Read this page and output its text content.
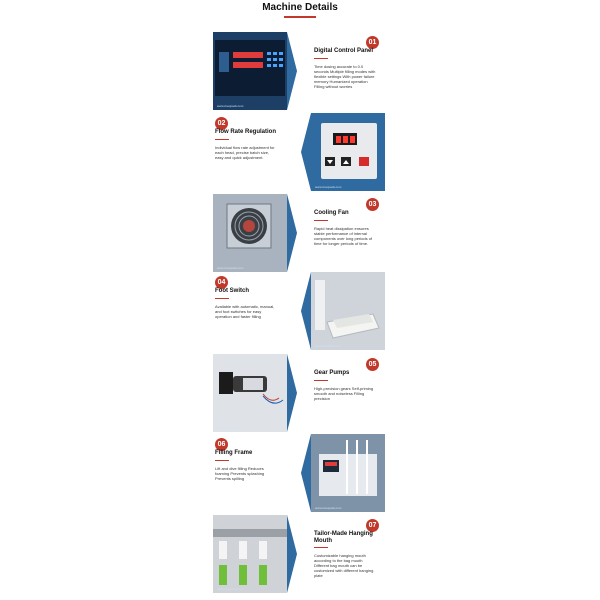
Machine Details
www.cnexpack.com
01
Digital Control Panel
Time dosing accurate to 0.0 seconds Multiple filling modes with flexible settings With power failure memory Humanized operation Filling without worries
02
Flow Rate Regulation
Individual flow rate adjustment for each head, precise batch size, easy and quick adjustment.
www.cnexpack.com
www.cnexpack.com
03
Cooling Fan
Rapid heat dissipation ensures stable performance of internal components over long periods of time for longer periods of time.
04
Foot Switch
Available with automatic, manual, and foot switches for easy operation and faster filling
www.cnexpack.com
www.cnexpack.com
05
Gear Pumps
High-precision gears Self-priming smooth and noiseless Filling precision
06
Filling Frame
Lift and dive filling Reduces foaming Prevents splashing Prevents spilling
www.cnexpack.com
www.cnexpack.com
07
Tailor-Made Hanging Mouth
Customizable hanging mouth according to the bag mouth Different bag mouth can be customized with different hanging plate
